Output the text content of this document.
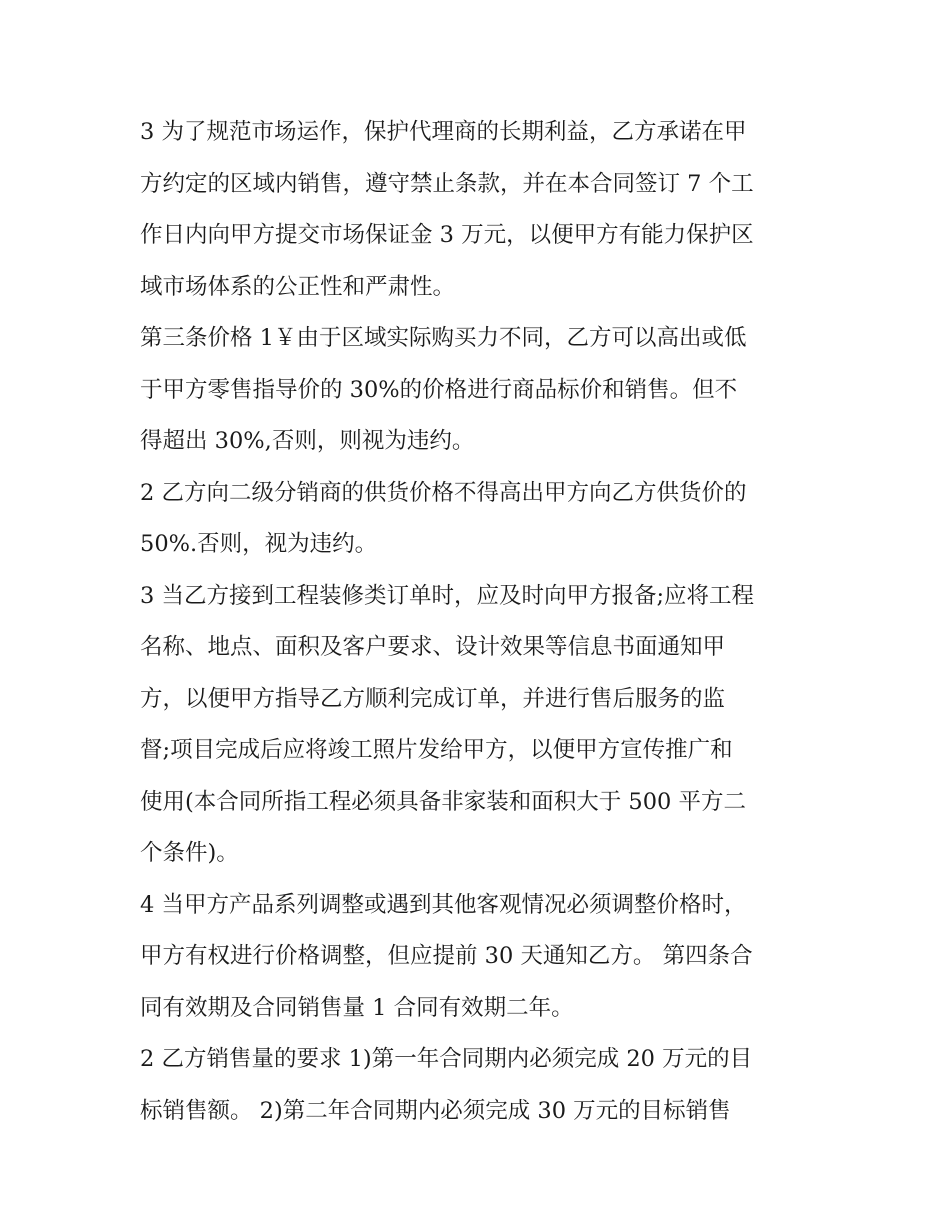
3 为了规范市场运作，保护代理商的长期利益，乙方承诺在甲
方约定的区域内销售，遵守禁止条款，并在本合同签订 7 个工
作日内向甲方提交市场保证金 3 万元，以便甲方有能力保护区
域市场体系的公正性和严肃性。

第三条价格 1￥由于区域实际购买力不同，乙方可以高出或低
于甲方零售指导价的 30%的价格进行商品标价和销售。但不
得超出 30%,否则，则视为违约。

2 乙方向二级分销商的供货价格不得高出甲方向乙方供货价的
50%.否则，视为违约。

3 当乙方接到工程装修类订单时，应及时向甲方报备;应将工程
名称、地点、面积及客户要求、设计效果等信息书面通知甲
方，以便甲方指导乙方顺利完成订单，并进行售后服务的监
督;项目完成后应将竣工照片发给甲方，以便甲方宣传推广和
使用(本合同所指工程必须具备非家装和面积大于 500 平方二
个条件)。

4 当甲方产品系列调整或遇到其他客观情况必须调整价格时，
甲方有权进行价格调整，但应提前 30 天通知乙方。 第四条合
同有效期及合同销售量 1 合同有效期二年。

2 乙方销售量的要求 1)第一年合同期内必须完成 20 万元的目
标销售额。 2)第二年合同期内必须完成 30 万元的目标销售
